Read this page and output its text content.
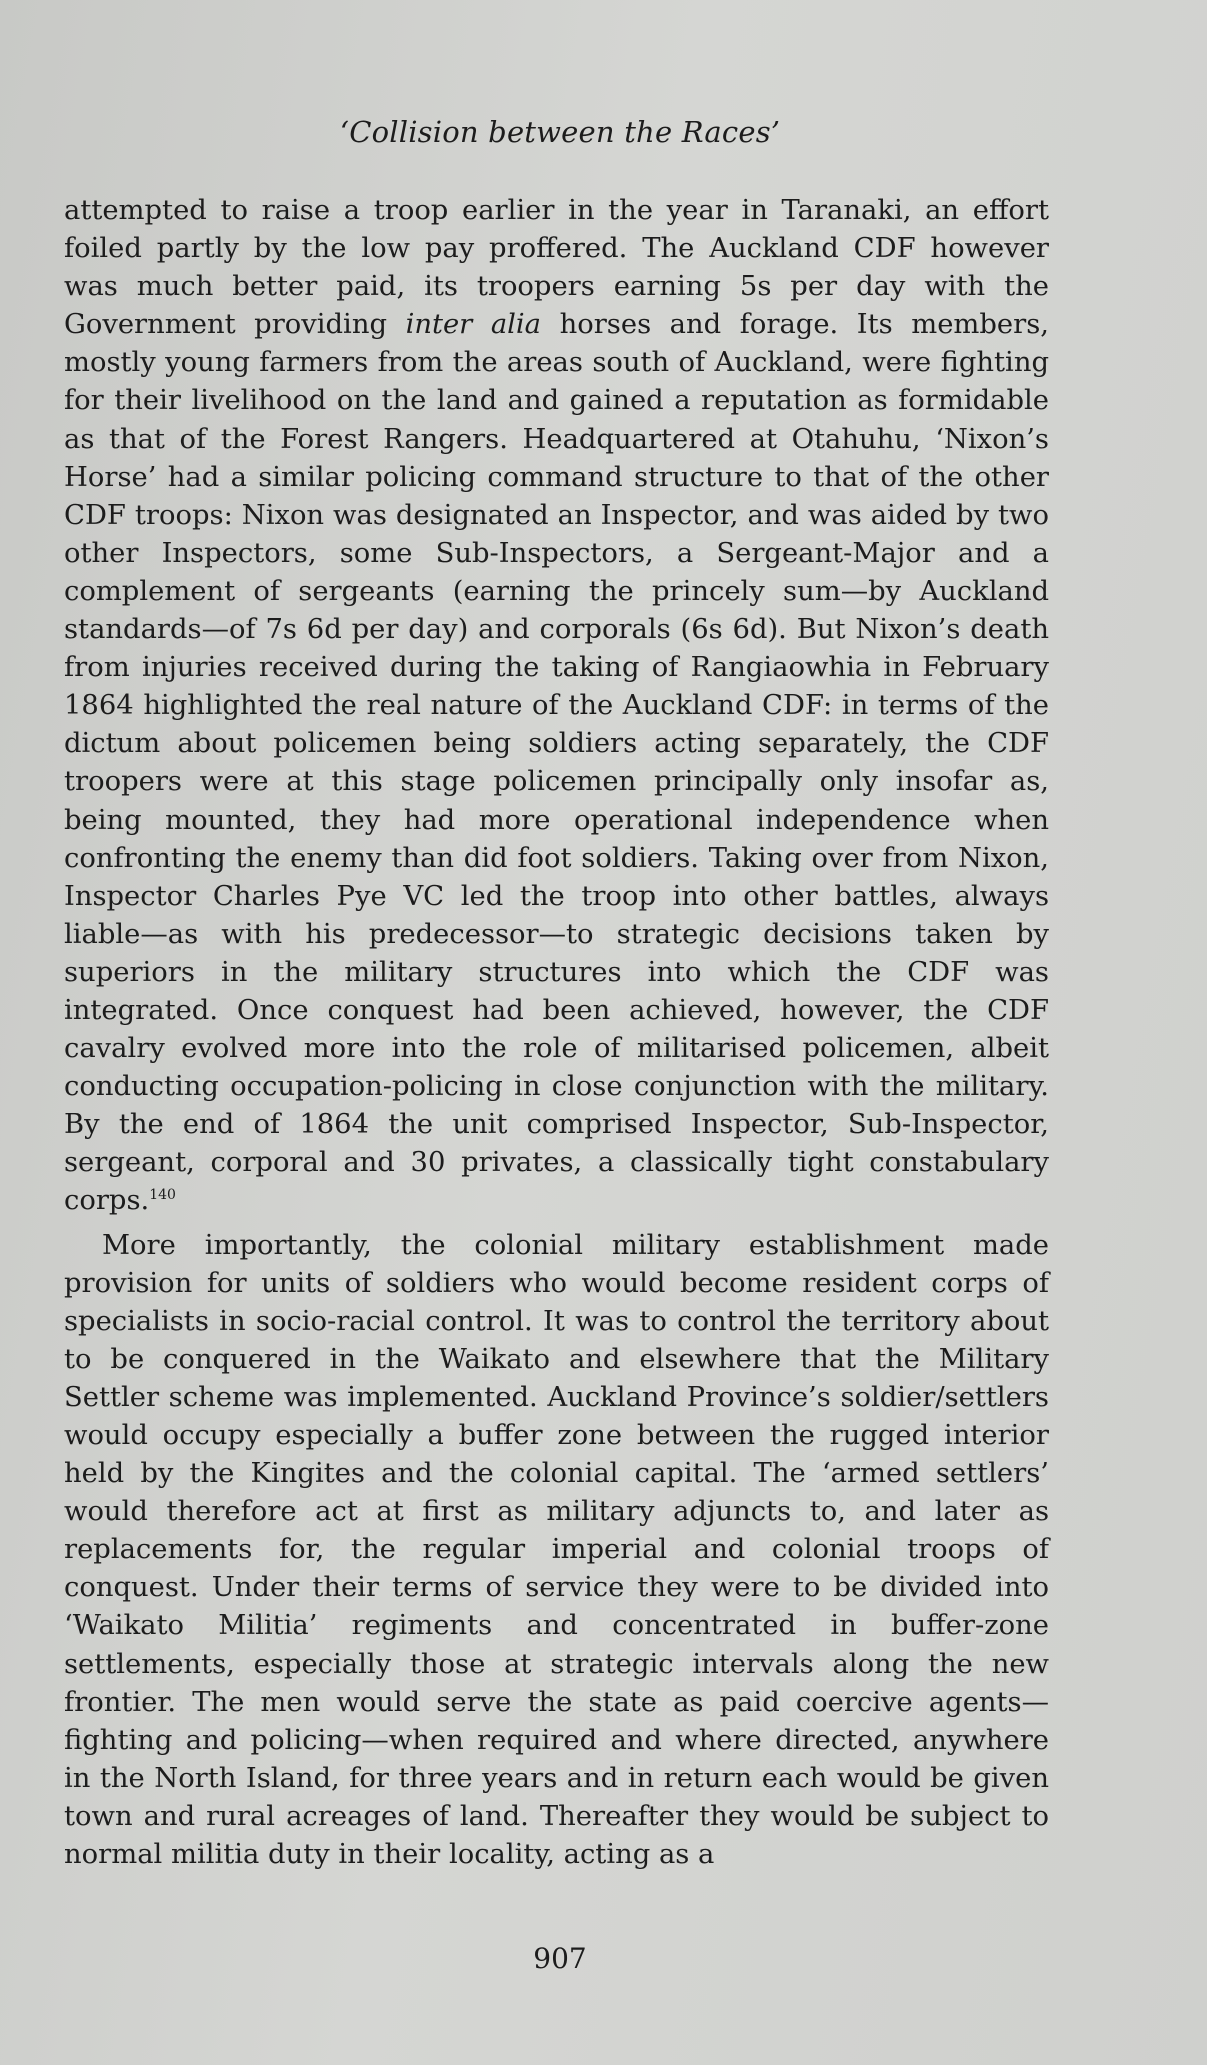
‘Collision between the Races’

attempted to raise a troop earlier in the year in Taranaki, an effort foiled partly by the low pay proffered. The Auckland CDF however was much better paid, its troopers earning 5s per day with the Government providing inter alia horses and forage. Its members, mostly young farmers from the areas south of Auckland, were fighting for their livelihood on the land and gained a reputation as formidable as that of the Forest Rangers. Headquartered at Otahuhu, ‘Nixon’s Horse’ had a similar policing command structure to that of the other CDF troops: Nixon was designated an Inspector, and was aided by two other Inspectors, some Sub-Inspectors, a Sergeant-Major and a complement of sergeants (earning the princely sum—by Auckland standards—of 7s 6d per day) and corporals (6s 6d). But Nixon’s death from injuries received during the taking of Rangiaowhia in February 1864 highlighted the real nature of the Auckland CDF: in terms of the dictum about policemen being soldiers acting separately, the CDF troopers were at this stage policemen principally only insofar as, being mounted, they had more operational independence when confronting the enemy than did foot soldiers. Taking over from Nixon, Inspector Charles Pye VC led the troop into other battles, always liable—as with his predecessor—to strategic decisions taken by superiors in the military structures into which the CDF was integrated. Once conquest had been achieved, however, the CDF cavalry evolved more into the role of militarised policemen, albeit conducting occupation-policing in close conjunction with the military. By the end of 1864 the unit comprised Inspector, Sub-Inspector, sergeant, corporal and 30 privates, a classically tight constabulary corps.$^{140}$

More importantly, the colonial military establishment made provision for units of soldiers who would become resident corps of specialists in socio-racial control. It was to control the territory about to be conquered in the Waikato and elsewhere that the Military Settler scheme was implemented. Auckland Province’s soldier/settlers would occupy especially a buffer zone between the rugged interior held by the Kingites and the colonial capital. The ‘armed settlers’ would therefore act at first as military adjuncts to, and later as replacements for, the regular imperial and colonial troops of conquest. Under their terms of service they were to be divided into ‘Waikato Militia’ regiments and concentrated in buffer-zone settlements, especially those at strategic intervals along the new frontier. The men would serve the state as paid coercive agents—fighting and policing—when required and where directed, anywhere in the North Island, for three years and in return each would be given town and rural acreages of land. Thereafter they would be subject to normal militia duty in their locality, acting as a

907
